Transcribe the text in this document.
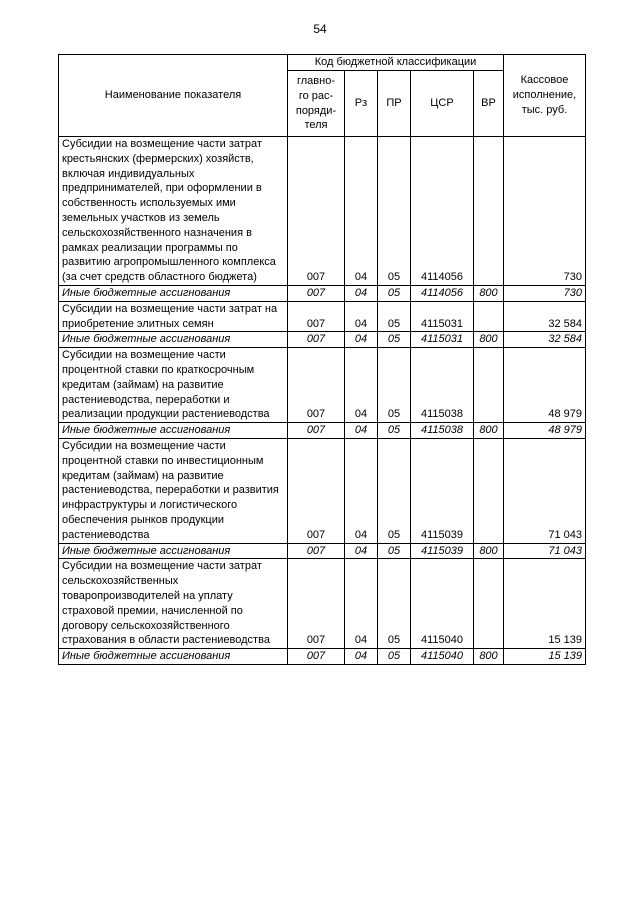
54
Наименование показателя	Код бюджетной классификации					Кассовое исполнение, тыс. руб.
	главно-
го рас-
поряди-
теля	Рз	ПР	ЦСР	ВР	
Субсидии на возмещение части затрат крестьянских (фермерских) хозяйств, включая индивидуальных предпринимателей, при оформлении в собственность используемых ими земельных участков из земель сельскохозяйственного назначения в рамках реализации программы по развитию агропромышленного комплекса (за счет средств областного бюджета)	007	04	05	4114056		730
Иные бюджетные ассигнования	007	04	05	4114056	800	730
Субсидии на возмещение части затрат на приобретение элитных семян	007	04	05	4115031		32 584
Иные бюджетные ассигнования	007	04	05	4115031	800	32 584
Субсидии на возмещение части процентной ставки по краткосрочным кредитам (займам) на развитие растениеводства, переработки и реализации продукции растениеводства	007	04	05	4115038		48 979
Иные бюджетные ассигнования	007	04	05	4115038	800	48 979
Субсидии на возмещение части процентной ставки по инвестиционным кредитам (займам) на развитие растениеводства, переработки и развития инфраструктуры и логистического обеспечения рынков продукции растениеводства	007	04	05	4115039		71 043
Иные бюджетные ассигнования	007	04	05	4115039	800	71 043
Субсидии на возмещение части затрат сельскохозяйственных товаропроизводителей на уплату страховой премии, начисленной по договору сельскохозяйственного страхования в области растениеводства	007	04	05	4115040		15 139
Иные бюджетные ассигнования	007	04	05	4115040	800	15 139
